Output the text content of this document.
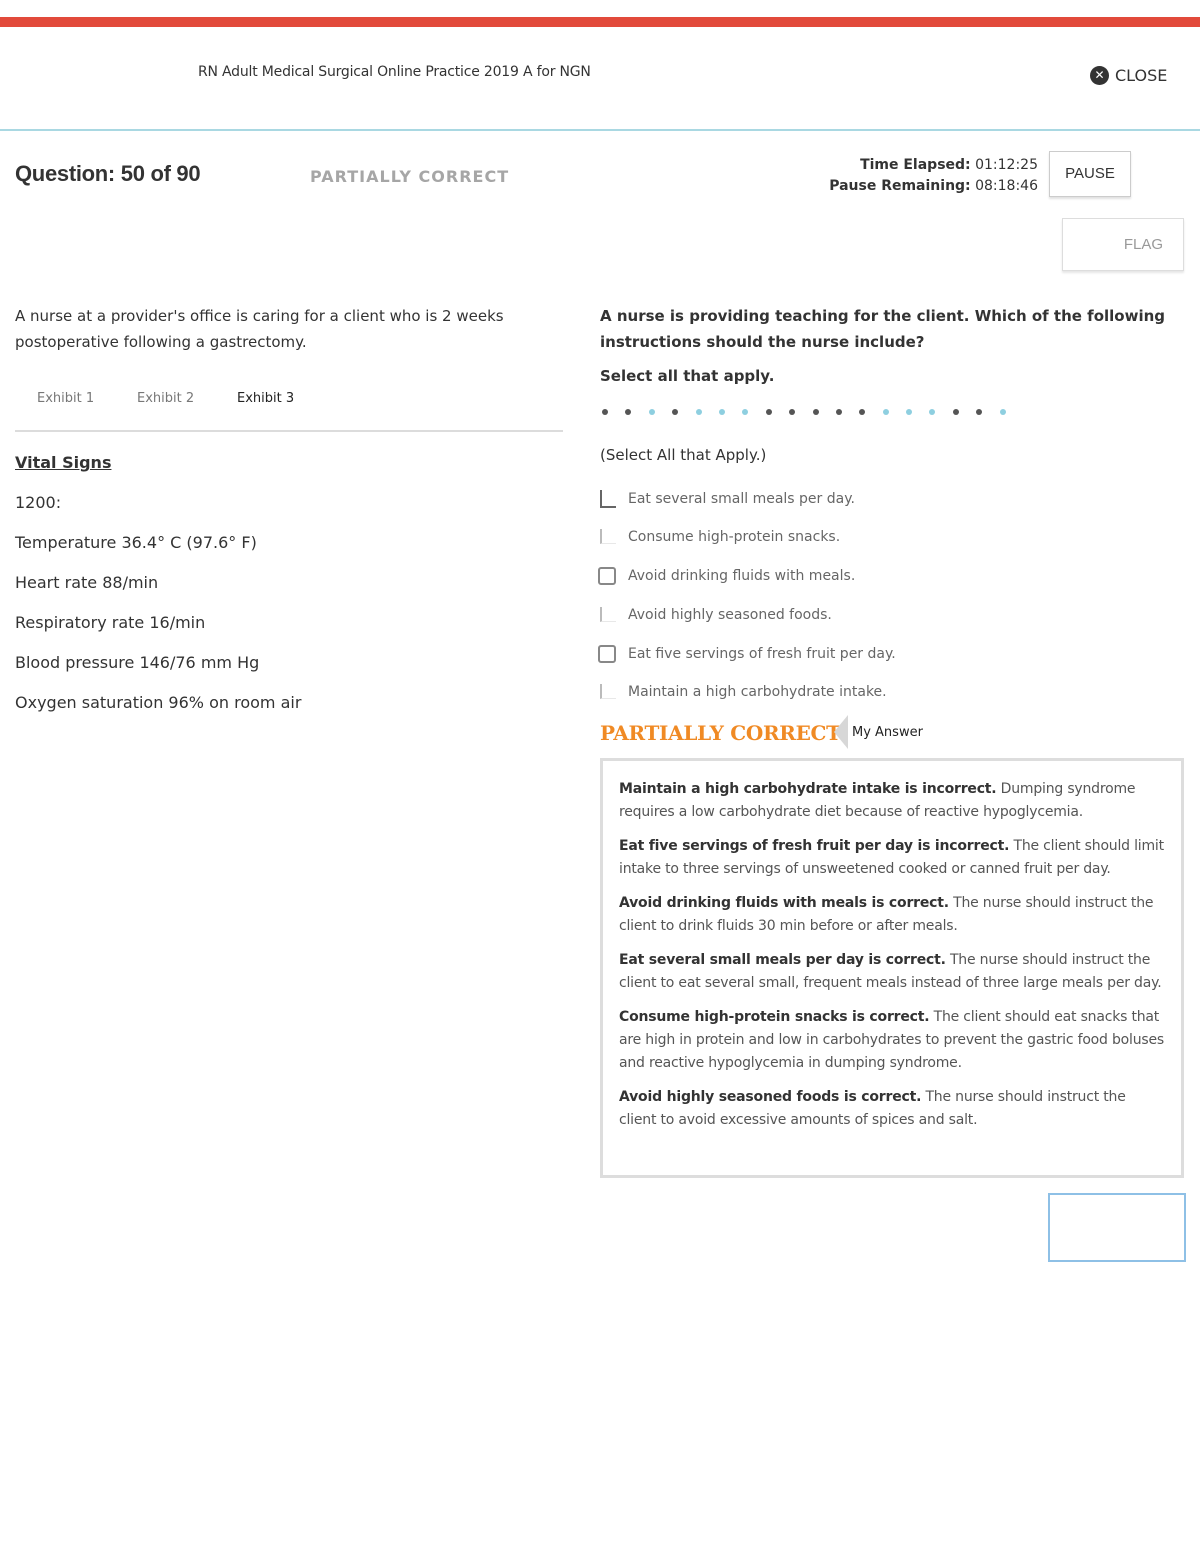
RN Adult Medical Surgical Online Practice 2019 A for NGN	✕ CLOSE
Question: 50 of 90	PARTIALLY CORRECT
Time Elapsed: 01:12:25
Pause Remaining: 08:18:46
PAUSE
FLAG
A nurse at a provider's office is caring for a client who is 2 weeks postoperative following a gastrectomy.
Exhibit 1	Exhibit 2	Exhibit 3
Vital Signs
1200:
Temperature 36.4° C (97.6° F)
Heart rate 88/min
Respiratory rate 16/min
Blood pressure 146/76 mm Hg
Oxygen saturation 96% on room air
A nurse is providing teaching for the client. Which of the following instructions should the nurse include?
Select all that apply.
(Select All that Apply.)
Eat several small meals per day.
Consume high-protein snacks.
Avoid drinking fluids with meals.
Avoid highly seasoned foods.
Eat five servings of fresh fruit per day.
Maintain a high carbohydrate intake.
PARTIALLY CORRECT My Answer

Maintain a high carbohydrate intake is incorrect. Dumping syndrome requires a low carbohydrate diet because of reactive hypoglycemia.

Eat five servings of fresh fruit per day is incorrect. The client should limit intake to three servings of unsweetened cooked or canned fruit per day.

Avoid drinking fluids with meals is correct. The nurse should instruct the client to drink fluids 30 min before or after meals.

Eat several small meals per day is correct. The nurse should instruct the client to eat several small, frequent meals instead of three large meals per day.

Consume high-protein snacks is correct. The client should eat snacks that are high in protein and low in carbohydrates to prevent the gastric food boluses and reactive hypoglycemia in dumping syndrome.

Avoid highly seasoned foods is correct. The nurse should instruct the client to avoid excessive amounts of spices and salt.
